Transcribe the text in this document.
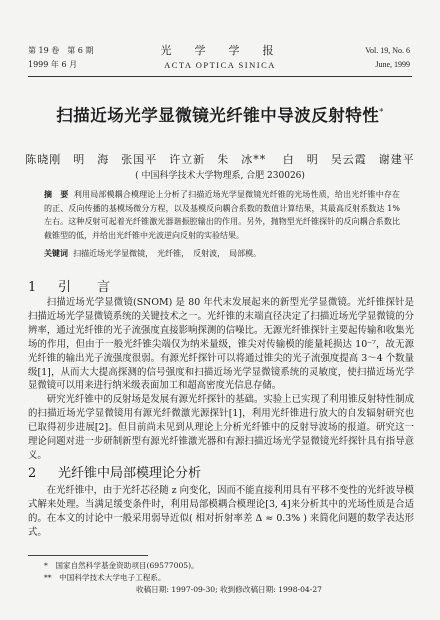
第 19 卷　第 6 期
1999 年 6 月
光　学　学　报
ACTA OPTICA SINICA
Vol. 19, No. 6
June, 1999
扫描近场光学显微镜光纤锥中导波反射特性*
陈晓刚　明　海　张国平　许立新　朱　冰** 　白　明　吴云霞　谢建平
( 中国科学技术大学物理系, 合肥 230026)
摘　要 利用局部模耦合模理论上分析了扫描近场光学显微镜光纤锥的光场性质，给出光纤锥中存在的正、反向传播的基模场微分方程，以及基模反向耦合系数的数值计算结果，其最高反射系数达 1% 左右。这种反射可起着光纤锥激光器谐振腔输出的作用。另外，抛物型光纤锥探针的反向耦合系数比截锥型的低，并给出光纤锥中光波逆向反射的实验结果。
关键词 扫描近场光学显微镜，　光纤锥，　反射波，　局部模。
1 引　　言

扫描近场光学显微镜(SNOM) 是 80 年代末发展起来的新型光学显微镜。光纤锥探针是扫描近场光学显微镜系统的关键技术之一。光纤锥的末端直径决定了扫描近场光学显微镜的分辨率，通过光纤锥的光子流强度直接影响探测的信噪比。无源光纤锥探针主要起传输和收集光场的作用，但由于一般光纤锥尖端仅为纳米量级，锥尖对传输模的能量耗损达 10⁻⁷，故无源光纤锥的输出光子流强度很弱。有源光纤探针可以将通过锥尖的光子流强度提高 3～4 个数量级[1]，从而大大提高探测的信号强度和扫描近场光学显微镜系统的灵敏度，使扫描近场光学显微镜可以用来进行纳米级表面加工和超高密度光信息存储。

研究光纤锥中的反射场是发展有源光纤探针的基础。实验上已实现了利用锥反射特性制成的扫描近场光学显微镜用有源光纤微激光源探针[1]，利用光纤锥进行放大的自发辐射研究也已取得初步进展[2]。但目前尚未见到从理论上分析光纤锥中的反射导波场的报道。研究这一理论问题对进一步研制新型有源光纤锥激光器和有源扫描近场光学显微镜光纤探针具有指导意义。

2 光纤锥中局部模理论分析

在光纤锥中，由于光纤芯径随 z 向变化，因而不能直接利用具有平移不变性的光纤波导模式解来处理。当满足缓变条件时，利用局部模耦合模理论[3, 4]来分析其中的光场性质是合适的。在本文的讨论中一般采用弱导近似( 相对折射率差 Δ ≈ 0.3% ) 来简化问题的数学表达形式。

*　国家自然科学基金资助项目(69577005)。
**　中国科学技术大学电子工程系。
收稿日期: 1997-09-30; 收到修改稿日期: 1998-04-27
